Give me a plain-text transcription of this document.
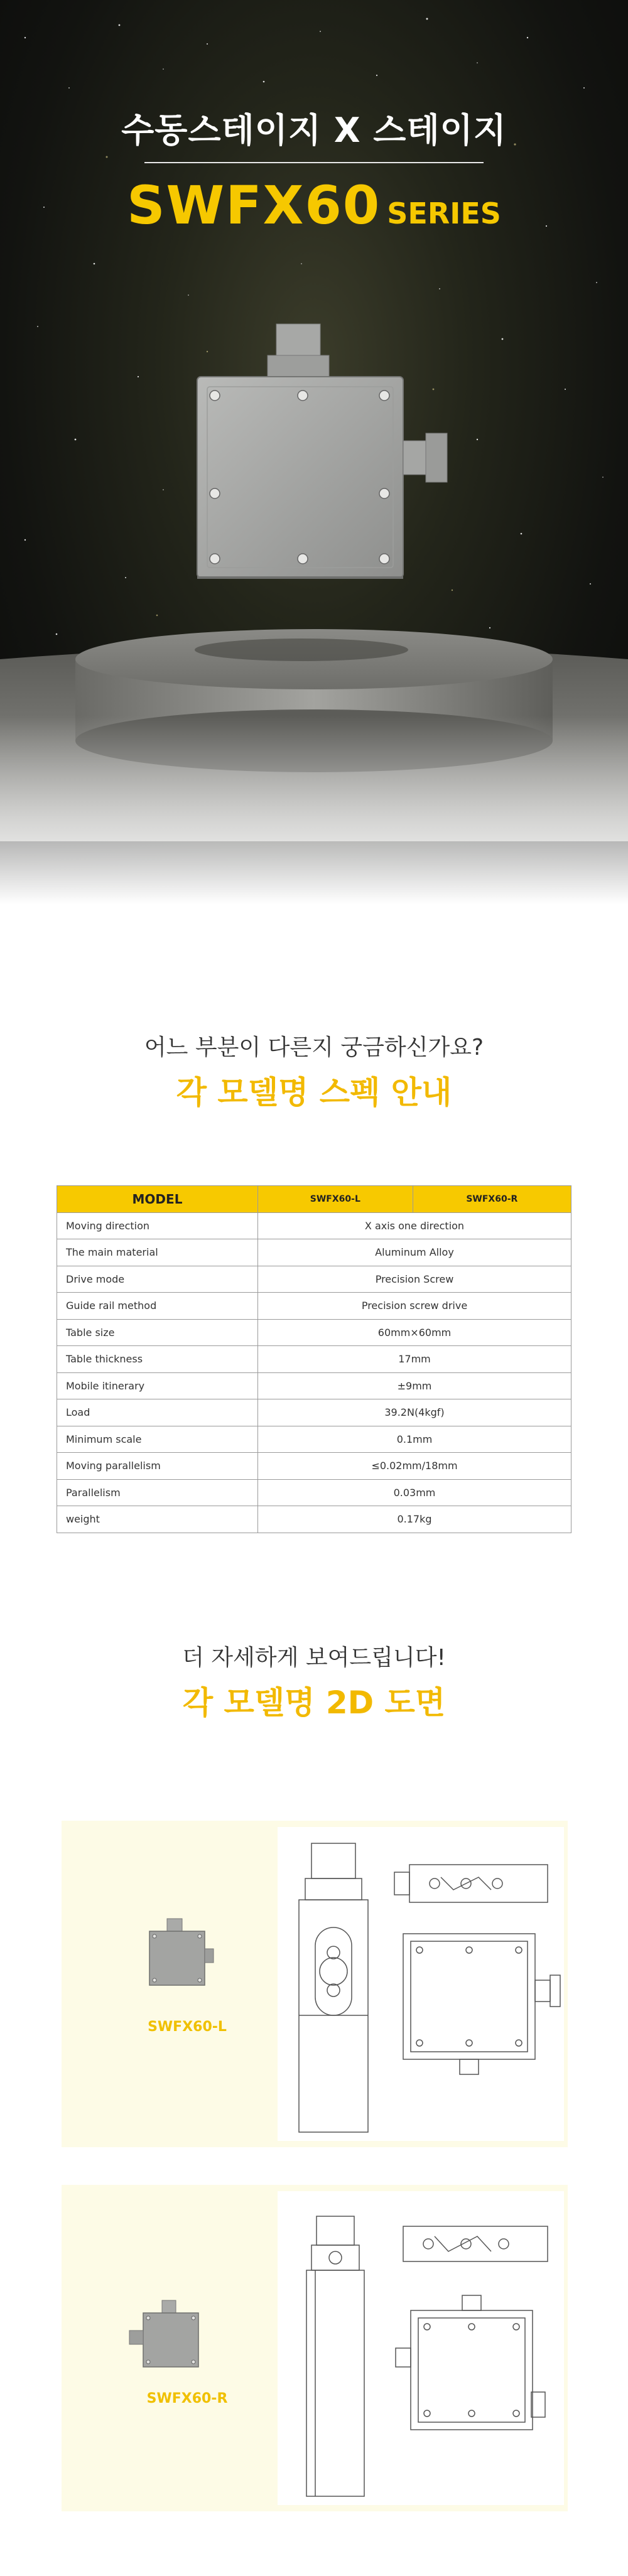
수동스테이지 X 스테이지
SWFX60 SERIES
어느 부분이 다른지 궁금하신가요?
각 모델명 스펙 안내
MODEL	SWFX60-L	SWFX60-R
Moving direction	X axis one direction	
The main material	Aluminum Alloy	
Drive mode	Precision Screw	
Guide rail method	Precision screw drive	
Table size	60mm×60mm	
Table thickness	17mm	
Mobile itinerary	±9mm	
Load	39.2N(4kgf)	
Minimum scale	0.1mm	
Moving parallelism	≤0.02mm/18mm	
Parallelism	0.03mm	
weight	0.17kg	
더 자세하게 보여드립니다!
각 모델명 2D 도면
SWFX60-L
SWFX60-R
